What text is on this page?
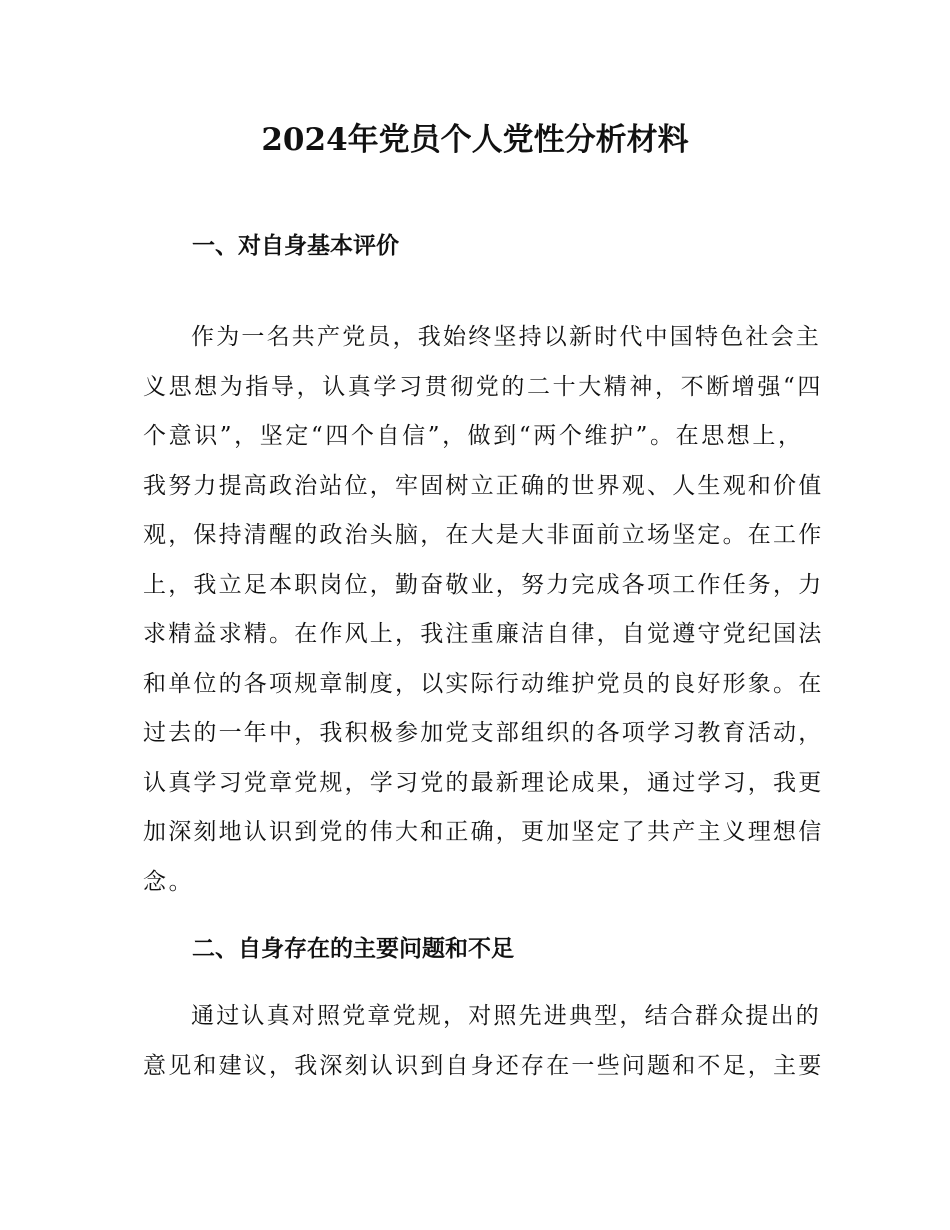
2024年党员个人党性分析材料
一、对自身基本评价
作为一名共产党员，我始终坚持以新时代中国特色社会主
义思想为指导，认真学习贯彻党的二十大精神，不断增强“四
个意识”，坚定“四个自信”，做到“两个维护”。在思想上，
我努力提高政治站位，牢固树立正确的世界观、人生观和价值
观，保持清醒的政治头脑，在大是大非面前立场坚定。在工作
上，我立足本职岗位，勤奋敬业，努力完成各项工作任务，力
求精益求精。在作风上，我注重廉洁自律，自觉遵守党纪国法
和单位的各项规章制度，以实际行动维护党员的良好形象。在
过去的一年中，我积极参加党支部组织的各项学习教育活动，
认真学习党章党规，学习党的最新理论成果，通过学习，我更
加深刻地认识到党的伟大和正确，更加坚定了共产主义理想信
念。
二、自身存在的主要问题和不足
通过认真对照党章党规，对照先进典型，结合群众提出的
意见和建议，我深刻认识到自身还存在一些问题和不足，主要
